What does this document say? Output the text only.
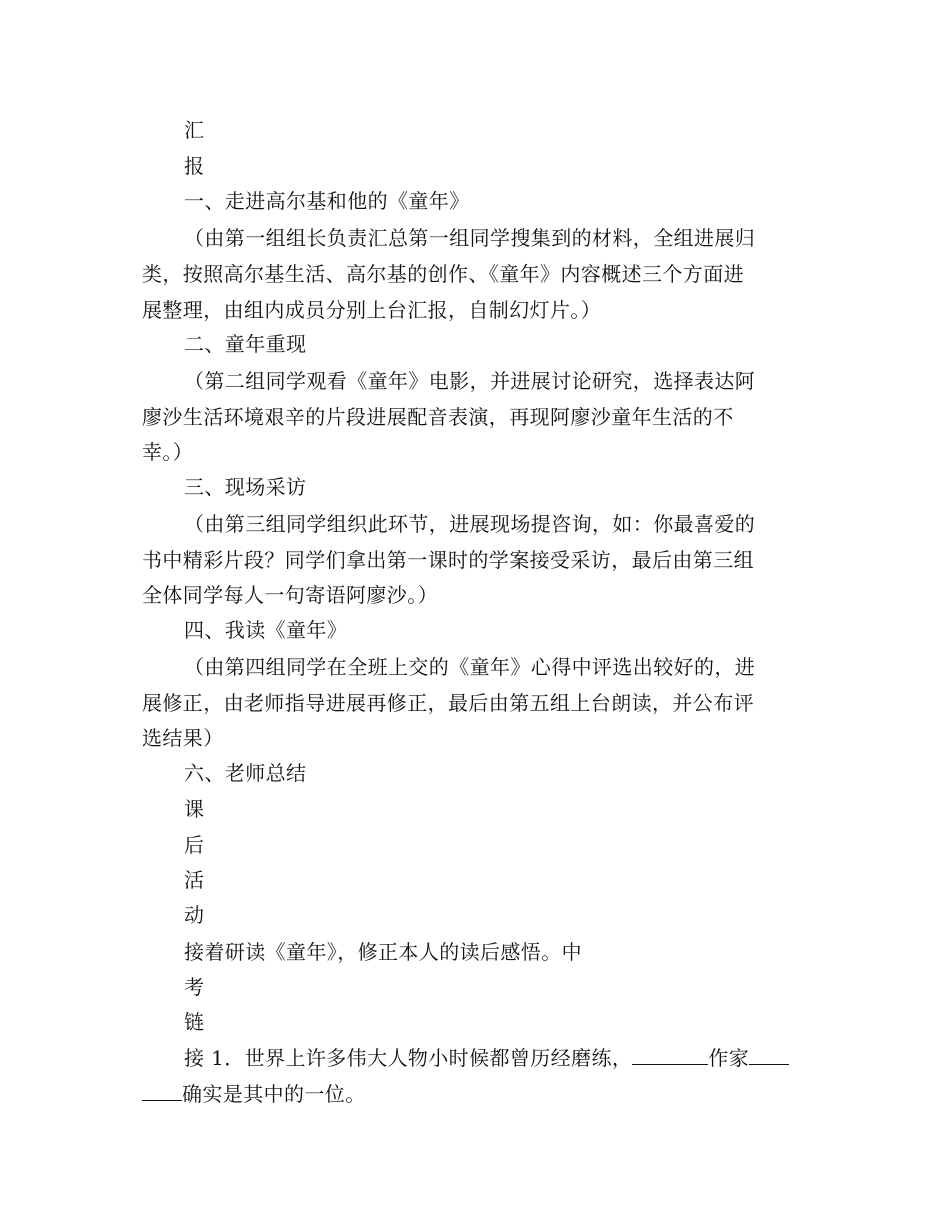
汇
报
一、走进高尔基和他的《童年》
（由第一组组长负责汇总第一组同学搜集到的材料，全组进展归
类，按照高尔基生活、高尔基的创作、《童年》内容概述三个方面进
展整理，由组内成员分别上台汇报，自制幻灯片。）
二、童年重现
（第二组同学观看《童年》电影，并进展讨论研究，选择表达阿
廖沙生活环境艰辛的片段进展配音表演，再现阿廖沙童年生活的不
幸。）
三、现场采访
（由第三组同学组织此环节，进展现场提咨询，如：你最喜爱的
书中精彩片段？同学们拿出第一课时的学案接受采访，最后由第三组
全体同学每人一句寄语阿廖沙。）
四、我读《童年》
（由第四组同学在全班上交的《童年》心得中评选出较好的，进
展修正，由老师指导进展再修正，最后由第五组上台朗读，并公布评
选结果）
六、老师总结
课
后
活
动
接着研读《童年》，修正本人的读后感悟。中
考
链
接 1．世界上许多伟大人物小时候都曾历经磨练，	作家
确实是其中的一位。
